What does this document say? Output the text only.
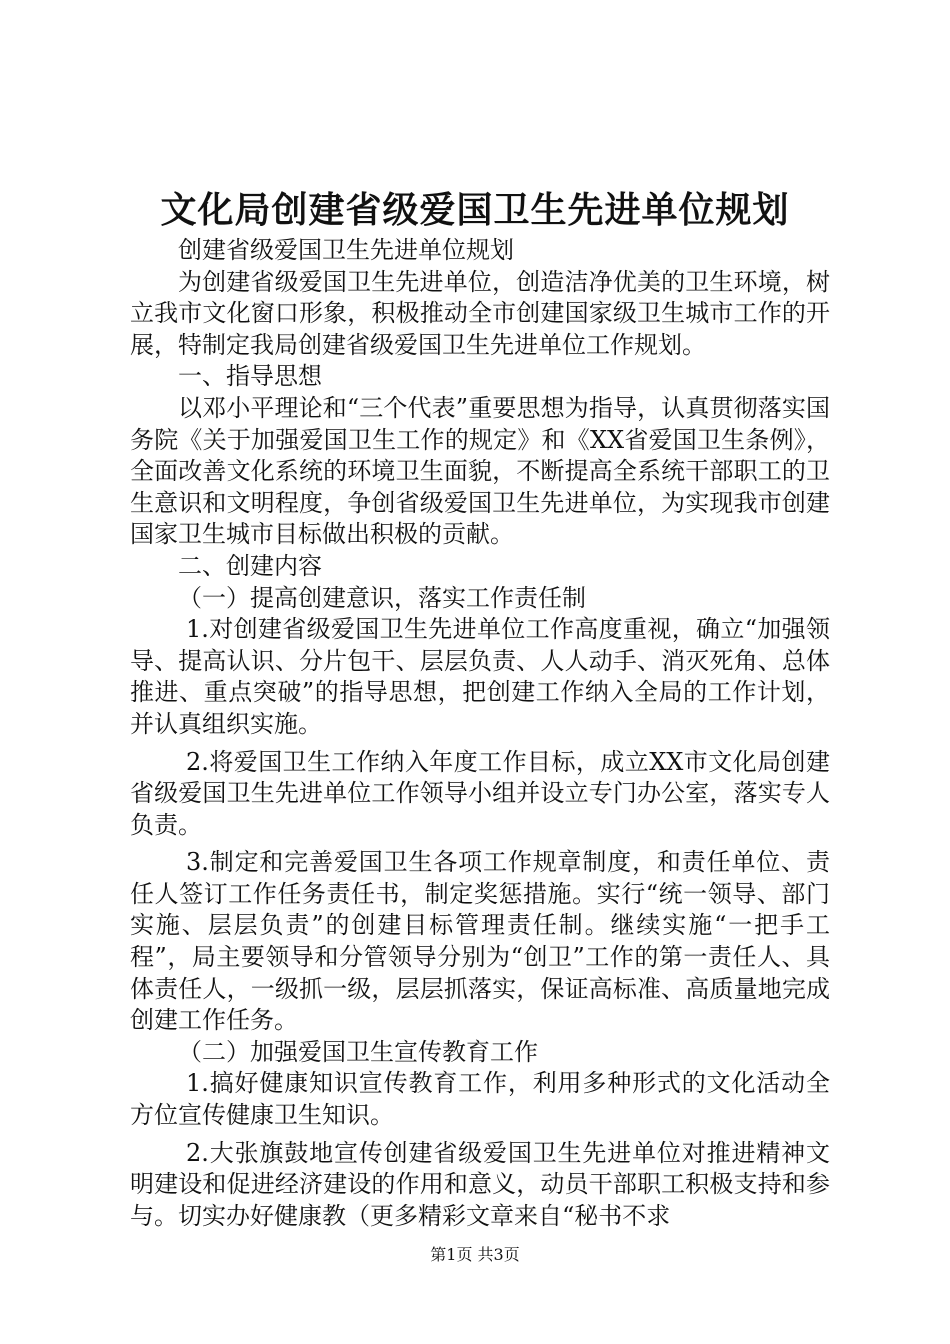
文化局创建省级爱国卫生先进单位规划

创建省级爱国卫生先进单位规划

为创建省级爱国卫生先进单位，创造洁净优美的卫生环境，树立我市文化窗口形象，积极推动全市创建国家级卫生城市工作的开展，特制定我局创建省级爱国卫生先进单位工作规划。

一、指导思想

以邓小平理论和“三个代表”重要思想为指导，认真贯彻落实国务院《关于加强爱国卫生工作的规定》和《XX省爱国卫生条例》，全面改善文化系统的环境卫生面貌，不断提高全系统干部职工的卫生意识和文明程度，争创省级爱国卫生先进单位，为实现我市创建国家卫生城市目标做出积极的贡献。

二、创建内容

（一）提高创建意识，落实工作责任制

1.对创建省级爱国卫生先进单位工作高度重视，确立“加强领导、提高认识、分片包干、层层负责、人人动手、消灭死角、总体推进、重点突破”的指导思想，把创建工作纳入全局的工作计划，并认真组织实施。

2.将爱国卫生工作纳入年度工作目标，成立XX市文化局创建省级爱国卫生先进单位工作领导小组并设立专门办公室，落实专人负责。

3.制定和完善爱国卫生各项工作规章制度，和责任单位、责任人签订工作任务责任书，制定奖惩措施。实行“统一领导、部门实施、层层负责”的创建目标管理责任制。继续实施“一把手工程”，局主要领导和分管领导分别为“创卫”工作的第一责任人、具体责任人，一级抓一级，层层抓落实，保证高标准、高质量地完成创建工作任务。

（二）加强爱国卫生宣传教育工作

1.搞好健康知识宣传教育工作，利用多种形式的文化活动全方位宣传健康卫生知识。

2.大张旗鼓地宣传创建省级爱国卫生先进单位对推进精神文明建设和促进经济建设的作用和意义，动员干部职工积极支持和参与。切实办好健康教（更多精彩文章来自“秘书不求

第1页 共3页
